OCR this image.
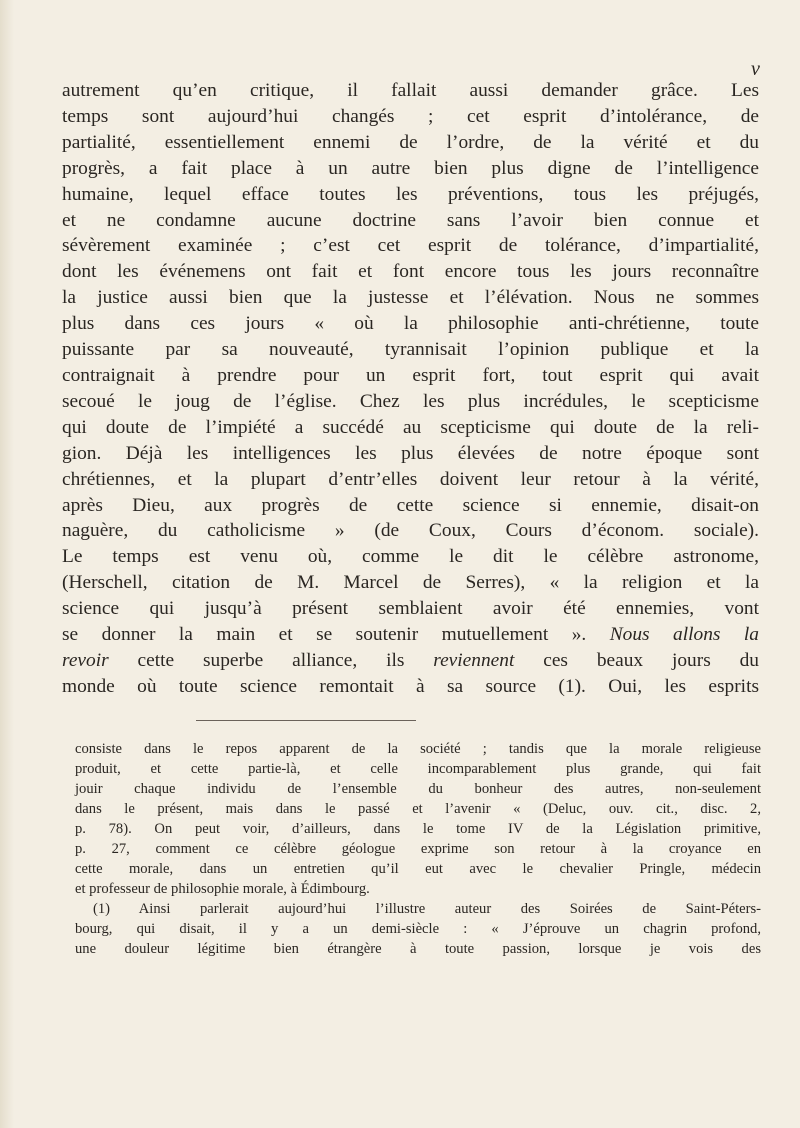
v
autrement qu’en critique, il fallait aussi demander grâce. Les
temps sont aujourd’hui changés ; cet esprit d’intolérance, de
partialité, essentiellement ennemi de l’ordre, de la vérité et du
progrès, a fait place à un autre bien plus digne de l’intelligence
humaine, lequel efface toutes les préventions, tous les préjugés,
et ne condamne aucune doctrine sans l’avoir bien connue et
sévèrement examinée ; c’est cet esprit de tolérance, d’impartialité,
dont les événemens ont fait et font encore tous les jours reconnaître
la justice aussi bien que la justesse et l’élévation. Nous ne sommes
plus dans ces jours « où la philosophie anti-chrétienne, toute
puissante par sa nouveauté, tyrannisait l’opinion publique et la
contraignait à prendre pour un esprit fort, tout esprit qui avait
secoué le joug de l’église. Chez les plus incrédules, le scepticisme
qui doute de l’impiété a succédé au scepticisme qui doute de la reli-
gion. Déjà les intelligences les plus élevées de notre époque sont
chrétiennes, et la plupart d’entr’elles doivent leur retour à la vérité,
après Dieu, aux progrès de cette science si ennemie, disait-on
naguère, du catholicisme » (de Coux, Cours d’économ. sociale).
Le temps est venu où, comme le dit le célèbre astronome,
(Herschell, citation de M. Marcel de Serres), « la religion et la
science qui jusqu’à présent semblaient avoir été ennemies, vont
se donner la main et se soutenir mutuellement ». Nous allons la
revoir cette superbe alliance, ils reviennent ces beaux jours du
monde où toute science remontait à sa source (1). Oui, les esprits
consiste dans le repos apparent de la société ; tandis que la morale religieuse
produit, et cette partie-là, et celle incomparablement plus grande, qui fait
jouir chaque individu de l’ensemble du bonheur des autres, non-seulement
dans le présent, mais dans le passé et l’avenir « (Deluc, ouv. cit., disc. 2,
p. 78). On peut voir, d’ailleurs, dans le tome IV de la Législation primitive,
p. 27, comment ce célèbre géologue exprime son retour à la croyance en
cette morale, dans un entretien qu’il eut avec le chevalier Pringle, médecin
et professeur de philosophie morale, à Édimbourg.
(1) Ainsi parlerait aujourd’hui l’illustre auteur des Soirées de Saint-Péters-
bourg, qui disait, il y a un demi-siècle : « J’éprouve un chagrin profond,
une douleur légitime bien étrangère à toute passion, lorsque je vois des
